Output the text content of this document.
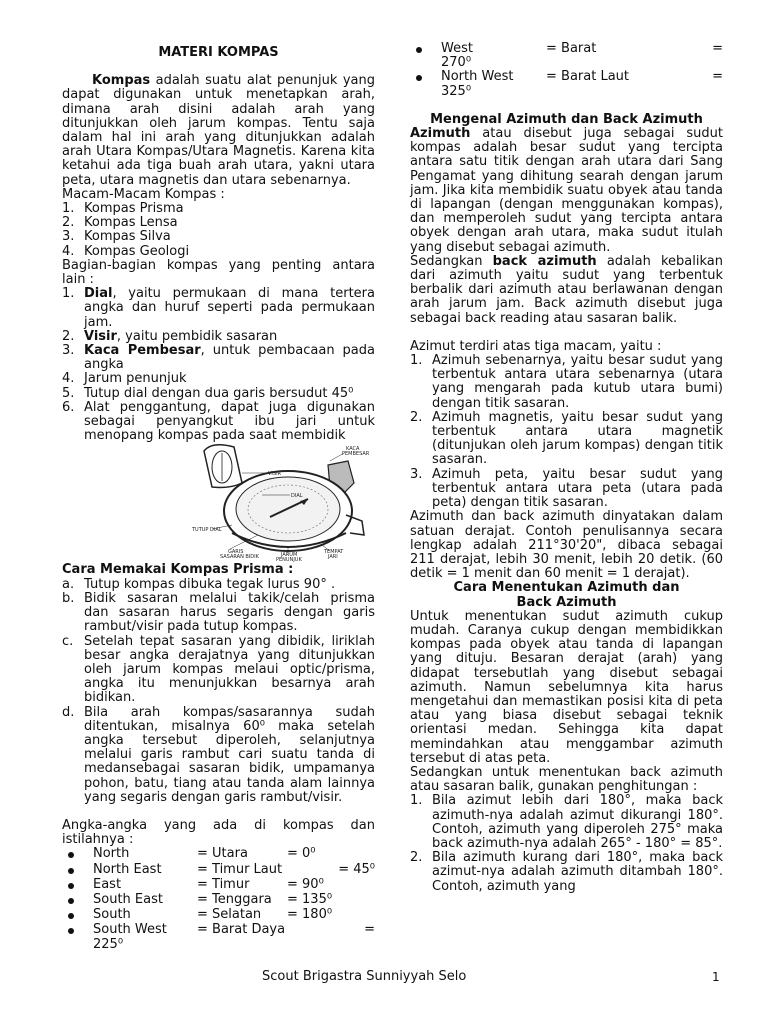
MATERI KOMPAS

Kompas adalah suatu alat penunjuk yang dapat digunakan untuk menetapkan arah, dimana arah disini adalah arah yang ditunjukkan oleh jarum kompas. Tentu saja dalam hal ini arah yang ditunjukkan adalah arah Utara Kompas/Utara Magnetis. Karena kita ketahui ada tiga buah arah utara, yakni utara peta, utara magnetis dan utara sebenarnya.

Macam-Macam Kompas :

1. Kompas Prisma
2. Kompas Lensa
3. Kompas Silva
4. Kompas Geologi

Bagian-bagian kompas yang penting antara lain :

1. Dial, yaitu permukaan di mana tertera angka dan huruf seperti pada permukaan jam.
2. Visir, yaitu pembidik sasaran
3. Kaca Pembesar, untuk pembacaan pada angka
4. Jarum penunjuk
5. Tutup dial dengan dua garis bersudut 45⁰
6. Alat penggantung, dapat juga digunakan sebagai penyangkut ibu jari untuk menopang kompas pada saat membidik
VISIR
KACA
PEMBESAR
DIAL
TUTUP DIAL
GARIS
SASARAN BIDIK	JARUM
PENUNJUK
TEMPAT
JARI

Cara Memakai Kompas Prisma :

a. Tutup kompas dibuka tegak lurus 90° .
b. Bidik sasaran melalui takik/celah prisma dan sasaran harus segaris dengan garis rambut/visir pada tutup kompas.
c. Setelah tepat sasaran yang dibidik, liriklah besar angka derajatnya yang ditunjukkan oleh jarum kompas melaui optic/prisma, angka itu menunjukkan besarnya arah bidikan.
d. Bila arah kompas/sasarannya sudah ditentukan, misalnya 60⁰ maka setelah angka tersebut diperoleh, selanjutnya melalui garis rambut cari suatu tanda di medansebagai sasaran bidik, umpamanya pohon, batu, tiang atau tanda alam lainnya yang segaris dengan garis rambut/visir.

Angka-angka yang ada di kompas dan istilahnya :

North	= Utara	= 0⁰
North East	= Timur Laut	= 45⁰
East	= Timur	= 90⁰
South East	= Tenggara	= 135⁰
South	= Selatan	= 180⁰
South West	= Barat Daya	=
225⁰
West	= Barat	=
270⁰
North West	= Barat Laut	=
325⁰
Mengenal Azimuth dan Back Azimuth

Azimuth atau disebut juga sebagai sudut kompas adalah besar sudut yang tercipta antara satu titik dengan arah utara dari Sang Pengamat yang dihitung searah dengan jarum jam. Jika kita membidik suatu obyek atau tanda di lapangan (dengan menggunakan kompas), dan memperoleh sudut yang tercipta antara obyek dengan arah utara, maka sudut itulah yang disebut sebagai azimuth.

Sedangkan back azimuth adalah kebalikan dari azimuth yaitu sudut yang terbentuk berbalik dari azimuth atau berlawanan dengan arah jarum jam. Back azimuth disebut juga sebagai back reading atau sasaran balik.

Azimut terdiri atas tiga macam, yaitu :

1. Azimuh sebenarnya, yaitu besar sudut yang terbentuk antara utara sebenarnya (utara yang mengarah pada kutub utara bumi) dengan titik sasaran.
2. Azimuh magnetis, yaitu besar sudut yang terbentuk antara utara magnetik (ditunjukan oleh jarum kompas) dengan titik sasaran.
3. Azimuh peta, yaitu besar sudut yang terbentuk antara utara peta (utara pada peta) dengan titik sasaran.

Azimuth dan back azimuth dinyatakan dalam satuan derajat. Contoh penulisannya secara lengkap adalah 211°30'20", dibaca sebagai 211 derajat, lebih 30 menit, lebih 20 detik. (60 detik = 1 menit dan 60 menit = 1 derajat).

Cara Menentukan Azimuth dan Back Azimuth

Untuk menentukan sudut azimuth cukup mudah. Caranya cukup dengan membidikkan kompas pada obyek atau tanda di lapangan yang dituju. Besaran derajat (arah) yang didapat tersebutlah yang disebut sebagai azimuth. Namun sebelumnya kita harus mengetahui dan memastikan posisi kita di peta atau yang biasa disebut sebagai teknik orientasi medan. Sehingga kita dapat memindahkan atau menggambar azimuth tersebut di atas peta.

Sedangkan untuk menentukan back azimuth atau sasaran balik, gunakan penghitungan :

1. Bila azimut lebih dari 180°, maka back azimuth-nya adalah azimut dikurangi 180°. Contoh, azimuth yang diperoleh 275° maka back azimuth-nya adalah 265° - 180° = 85°.
2. Bila azimuth kurang dari 180°, maka back azimut-nya adalah azimuth ditambah 180°. Contoh, azimuth yang
Scout Brigastra Sunniyyah Selo	1
